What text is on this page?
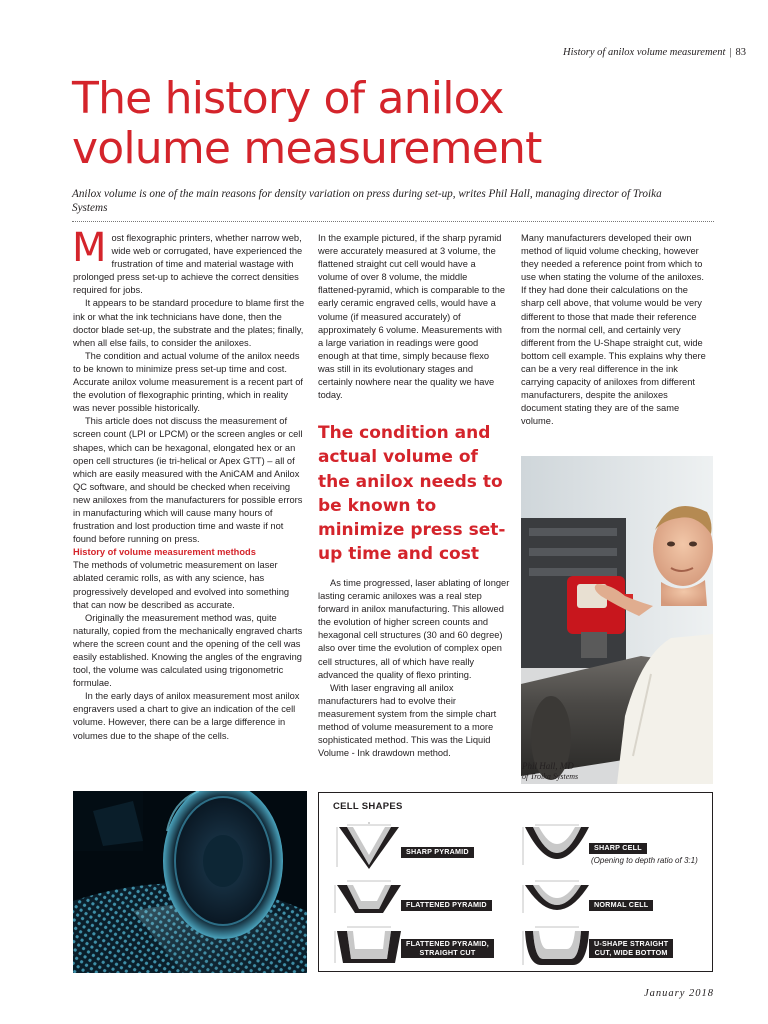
History of anilox volume measurement | 83
The history of anilox
volume measurement

Anilox volume is one of the main reasons for density variation on press during set-up, writes Phil Hall, managing director of Troika Systems

Most flexographic printers, whether narrow web, wide web or corrugated, have experienced the frustration of time and material wastage with prolonged press set-up to achieve the correct densities required for jobs.

It appears to be standard procedure to blame first the ink or what the ink technicians have done, then the doctor blade set-up, the substrate and the plates; finally, when all else fails, to consider the aniloxes.

The condition and actual volume of the anilox needs to be known to minimize press set-up time and cost. Accurate anilox volume measurement is a recent part of the evolution of flexographic printing, which in reality was never possible historically.

This article does not discuss the measurement of screen count (LPI or LPCM) or the screen angles or cell shapes, which can be hexagonal, elongated hex or an open cell structures (ie tri-helical or Apex GTT) – all of which are easily measured with the AniCAM and Anilox QC software, and should be checked when receiving new aniloxes from the manufacturers for possible errors in manufacturing which will cause many hours of frustration and lost production time and waste if not found before running on press.

History of volume measurement methods

The methods of volumetric measurement on laser ablated ceramic rolls, as with any science, has progressively developed and evolved into something that can now be described as accurate.

Originally the measurement method was, quite naturally, copied from the mechanically engraved charts where the screen count and the opening of the cell was easily established. Knowing the angles of the engraving tool, the volume was calculated using trigonometric formulae.

In the early days of anilox measurement most anilox engravers used a chart to give an indication of the cell volume. However, there can be a large difference in volumes due to the shape of the cells.

In the example pictured, if the sharp pyramid were accurately measured at 3 volume, the flattened straight cut cell would have a volume of over 8 volume, the middle flattened-pyramid, which is comparable to the early ceramic engraved cells, would have a volume (if measured accurately) of approximately 6 volume. Measurements with a large variation in readings were good enough at that time, simply because flexo was still in its evolutionary stages and certainly nowhere near the quality we have today.

The condition and actual volume of the anilox needs to be known to minimize press set-up time and cost

As time progressed, laser ablating of longer lasting ceramic aniloxes was a real step forward in anilox manufacturing. This allowed the evolution of higher screen counts and hexagonal cell structures (30 and 60 degree) also over time the evolution of complex open cell structures, all of which have really advanced the quality of flexo printing.

With laser engraving all anilox manufacturers had to evolve their measurement system from the simple chart method of volume measurement to a more sophisticated method. This was the Liquid Volume - Ink drawdown method.

Many manufacturers developed their own method of liquid volume checking, however they needed a reference point from which to use when stating the volume of the aniloxes. If they had done their calculations on the sharp cell above, that volume would be very different to those that made their reference from the normal cell, and certainly very different from the U-Shape straight cut, wide bottom cell example. This explains why there can be a very real difference in the ink carrying capacity of aniloxes from different manufacturers, despite the aniloxes document stating they are of the same volume.

Phil Hall, MD
of Troika Systems
CELL SHAPES
x
SHARP PYRAMID
FLATTENED PYRAMID
FLATTENED PYRAMID,
STRAIGHT CUT
SHARP CELL
(Opening to depth ratio of 3:1)
NORMAL CELL
U-SHAPE STRAIGHT
CUT, WIDE BOTTOM
January 2018
